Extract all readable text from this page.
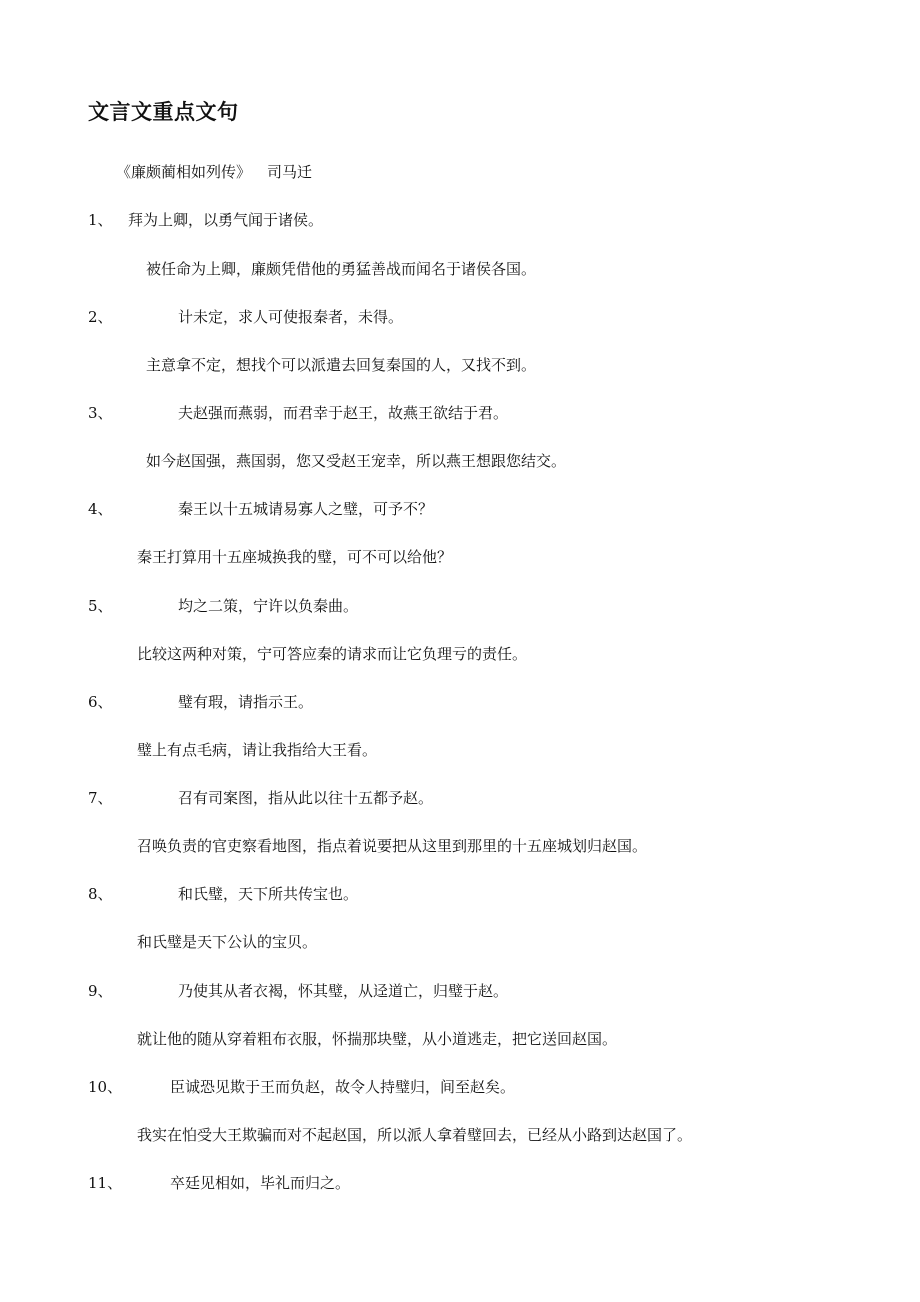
文言文重点文句
《廉颇蔺相如列传》 司马迁
1、 拜为上卿，以勇气闻于诸侯。
被任命为上卿，廉颇凭借他的勇猛善战而闻名于诸侯各国。
2、	计未定，求人可使报秦者，未得。
主意拿不定，想找个可以派遣去回复秦国的人，又找不到。
3、	夫赵强而燕弱，而君幸于赵王，故燕王欲结于君。
如今赵国强，燕国弱，您又受赵王宠幸，所以燕王想跟您结交。
4、	秦王以十五城请易寡人之璧，可予不？
秦王打算用十五座城换我的璧，可不可以给他？
5、	均之二策，宁许以负秦曲。
比较这两种对策，宁可答应秦的请求而让它负理亏的责任。
6、	璧有瑕，请指示王。
璧上有点毛病，请让我指给大王看。
7、	召有司案图，指从此以往十五都予赵。
召唤负责的官吏察看地图，指点着说要把从这里到那里的十五座城划归赵国。
8、	和氏璧，天下所共传宝也。
和氏璧是天下公认的宝贝。
9、	乃使其从者衣褐，怀其璧，从迳道亡，归璧于赵。
就让他的随从穿着粗布衣服，怀揣那块璧，从小道逃走，把它送回赵国。
10、	臣诚恐见欺于王而负赵，故令人持璧归，间至赵矣。
我实在怕受大王欺骗而对不起赵国，所以派人拿着璧回去，已经从小路到达赵国了。
11、	卒廷见相如，毕礼而归之。
